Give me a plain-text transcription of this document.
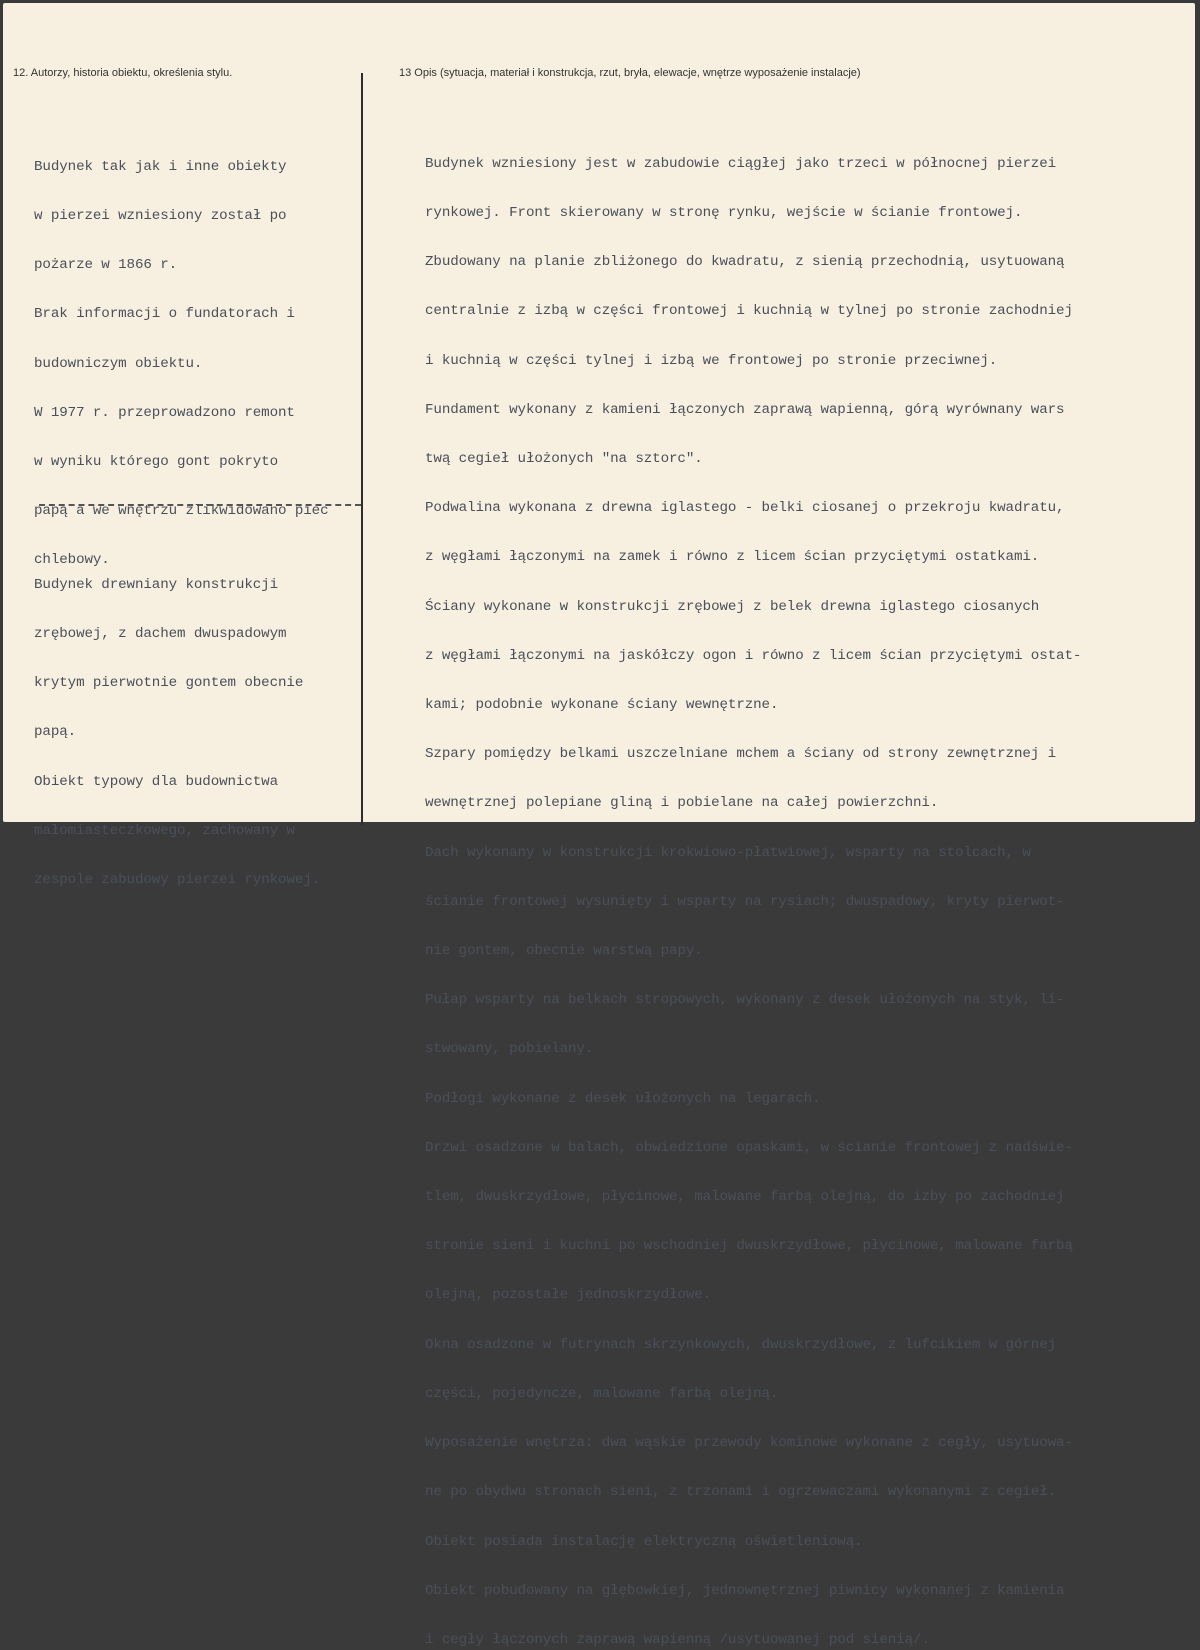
12. Autorzy, historia obiektu, określenia stylu.	13 Opis (sytuacja, materiał i konstrukcja, rzut, bryła, elewacje, wnętrze wyposażenie instalacje)

Budynek tak jak i inne obiekty

w pierzei wzniesiony został po

pożarze w 1866 r.

Brak informacji o fundatorach i

budowniczym obiektu.

W 1977 r. przeprowadzono remont

w wyniku którego gont pokryto

papą a we wnętrzu zlikwidowano piec

chlebowy.

Budynek drewniany konstrukcji

zrębowej, z dachem dwuspadowym

krytym pierwotnie gontem obecnie

papą.

Obiekt typowy dla budownictwa

małomiasteczkowego, zachowany w

zespole zabudowy pierzei rynkowej.

Budynek wzniesiony jest w zabudowie ciągłej jako trzeci w północnej pierzei

rynkowej. Front skierowany w stronę rynku, wejście w ścianie frontowej.

Zbudowany na planie zbliżonego do kwadratu, z sienią przechodnią, usytuowaną

centralnie z izbą w części frontowej i kuchnią w tylnej po stronie zachodniej

i kuchnią w części tylnej i izbą we frontowej po stronie przeciwnej.

Fundament wykonany z kamieni łączonych zaprawą wapienną, górą wyrównany wars

twą cegieł ułożonych "na sztorc".

Podwalina wykonana z drewna iglastego - belki ciosanej o przekroju kwadratu,

z węgłami łączonymi na zamek i równo z licem ścian przyciętymi ostatkami.

Ściany wykonane w konstrukcji zrębowej z belek drewna iglastego ciosanych

z węgłami łączonymi na jaskółczy ogon i równo z licem ścian przyciętymi ostat-

kami; podobnie wykonane ściany wewnętrzne.

Szpary pomiędzy belkami uszczelniane mchem a ściany od strony zewnętrznej i

wewnętrznej polepiane gliną i pobielane na całej powierzchni.

Dach wykonany w konstrukcji krokwiowo-płatwiowej, wsparty na stolcach, w

ścianie frontowej wysunięty i wsparty na rysiach; dwuspadowy, kryty pierwot-

nie gontem, obecnie warstwą papy.

Pułap wsparty na belkach stropowych, wykonany z desek ułożonych na styk, li-

stwowany, pobielany.

Podłogi wykonane z desek ułożonych na legarach.

Drzwi osadzone w balach, obwiedzione opaskami, w ścianie frontowej z nadświe-

tlem, dwuskrzydłowe, płycinowe, malowane farbą olejną, do izby po zachodniej

stronie sieni i kuchni po wschodniej dwuskrzydłowe, płycinowe, malowane farbą

olejną, pozostałe jednoskrzydłowe.

Okna osadzone w futrynach skrzynkowych, dwuskrzydłowe, z lufcikiem w górnej

części, pojedyncze, malowane farbą olejną.

Wyposażenie wnętrza: dwa wąskie przewody kominowe wykonane z cegły, usytuowa-

ne po obydwu stronach sieni, z trzonami i ogrzewaczami wykonanymi z cegieł.

Obiekt posiada instalację elektryczną oświetleniową.

Obiekt pobudowany na głębowkiej, jednownętrznej piwnicy wykonanej z kamienia

i cegły łączonych zaprawą wapienną /usytuowanej pod sienią/.
